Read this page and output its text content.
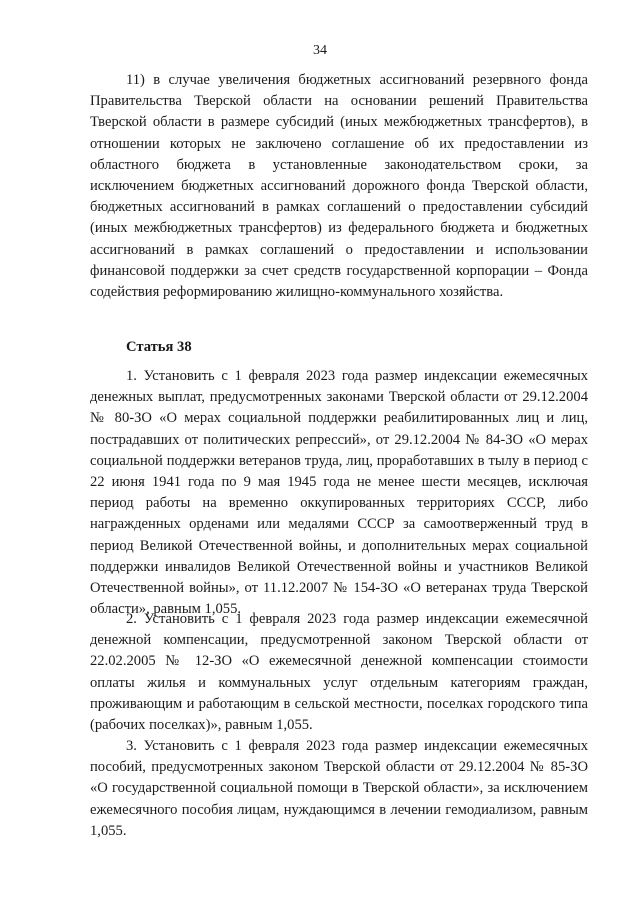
34

11) в случае увеличения бюджетных ассигнований резервного фонда Правительства Тверской области на основании решений Правительства Тверской области в размере субсидий (иных межбюджетных трансфертов), в отношении которых не заключено соглашение об их предоставлении из областного бюджета в установленные законодательством сроки, за исключением бюджетных ассигнований дорожного фонда Тверской области, бюджетных ассигнований в рамках соглашений о предоставлении субсидий (иных межбюджетных трансфертов) из федерального бюджета и бюджетных ассигнований в рамках соглашений о предоставлении и использовании финансовой поддержки за счет средств государственной корпорации – Фонда содействия реформированию жилищно-коммунального хозяйства.

Статья 38

1. Установить с 1 февраля 2023 года размер индексации ежемесячных денежных выплат, предусмотренных законами Тверской области от 29.12.2004 № 80-ЗО «О мерах социальной поддержки реабилитированных лиц и лиц, пострадавших от политических репрессий», от 29.12.2004 № 84-ЗО «О мерах социальной поддержки ветеранов труда, лиц, проработавших в тылу в период с 22 июня 1941 года по 9 мая 1945 года не менее шести месяцев, исключая период работы на временно оккупированных территориях СССР, либо награжденных орденами или медалями СССР за самоотверженный труд в период Великой Отечественной войны, и дополнительных мерах социальной поддержки инвалидов Великой Отечественной войны и участников Великой Отечественной войны», от 11.12.2007 № 154-ЗО «О ветеранах труда Тверской области», равным 1,055.

2. Установить с 1 февраля 2023 года размер индексации ежемесячной денежной компенсации, предусмотренной законом Тверской области от 22.02.2005 № 12-ЗО «О ежемесячной денежной компенсации стоимости оплаты жилья и коммунальных услуг отдельным категориям граждан, проживающим и работающим в сельской местности, поселках городского типа (рабочих поселках)», равным 1,055.

3. Установить с 1 февраля 2023 года размер индексации ежемесячных пособий, предусмотренных законом Тверской области от 29.12.2004 № 85-ЗО «О государственной социальной помощи в Тверской области», за исключением ежемесячного пособия лицам, нуждающимся в лечении гемодиализом, равным 1,055.
